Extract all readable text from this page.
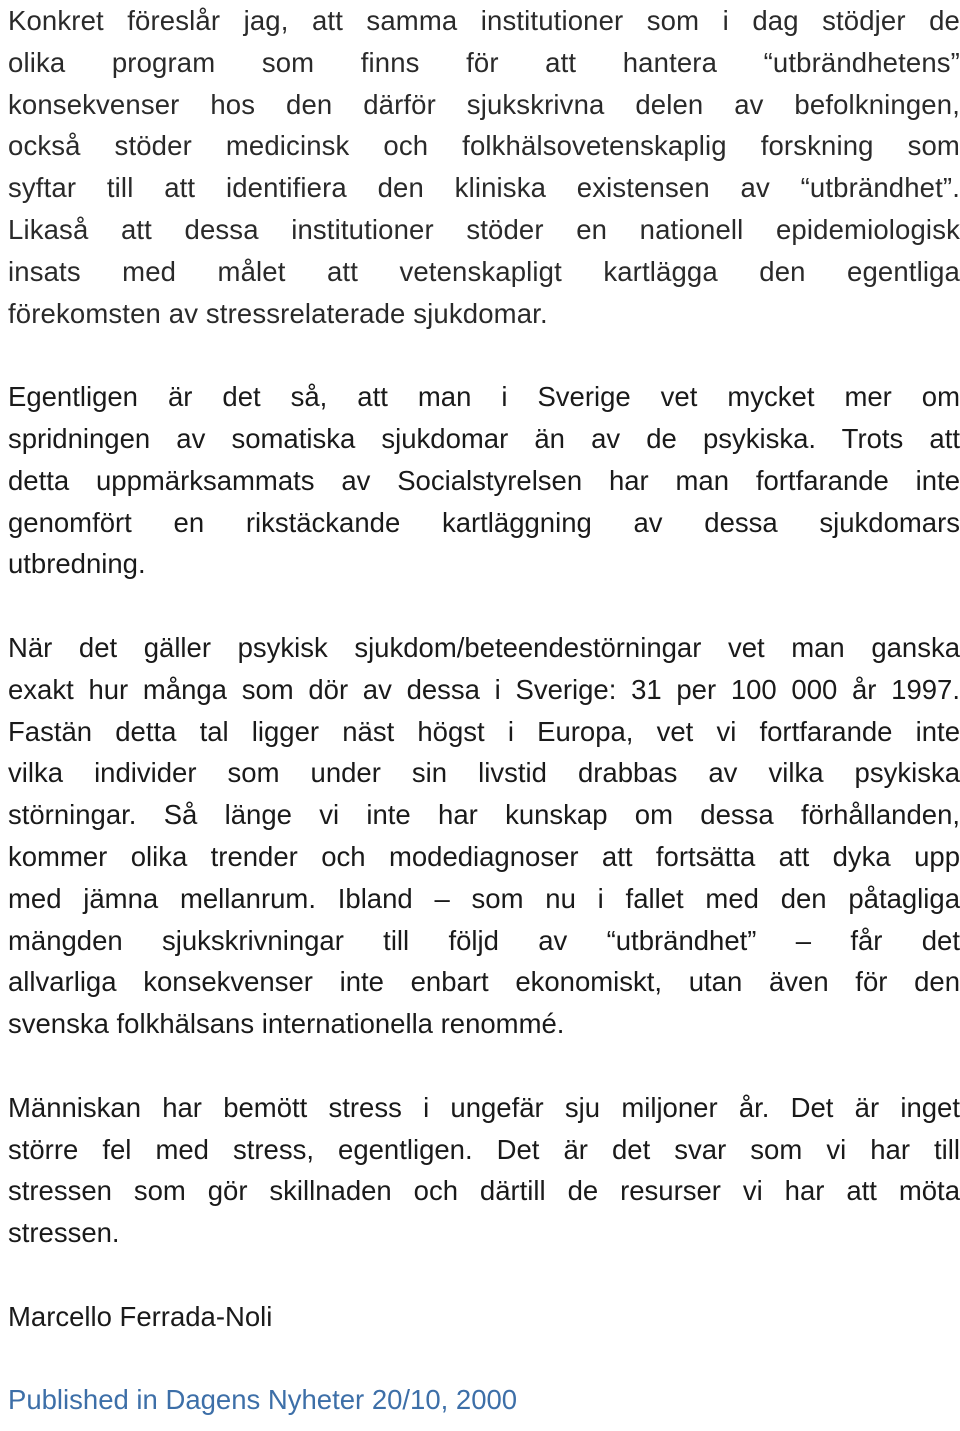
Konkret föreslår jag, att samma institutioner som i dag stödjer de
olika program som finns för att hantera “utbrändhetens”
konsekvenser hos den därför sjukskrivna delen av befolkningen,
också stöder medicinsk och folkhälsovetenskaplig forskning som
syftar till att identifiera den kliniska existensen av “utbrändhet”.
Likaså att dessa institutioner stöder en nationell epidemiologisk
insats med målet att vetenskapligt kartlägga den egentliga
förekomsten av stressrelaterade sjukdomar.
Egentligen är det så, att man i Sverige vet mycket mer om
spridningen av somatiska sjukdomar än av de psykiska. Trots att
detta uppmärksammats av Socialstyrelsen har man fortfarande inte
genomfört en rikstäckande kartläggning av dessa sjukdomars
utbredning.
När det gäller psykisk sjukdom/beteendestörningar vet man ganska
exakt hur många som dör av dessa i Sverige: 31 per 100 000 år 1997.
Fastän detta tal ligger näst högst i Europa, vet vi fortfarande inte
vilka individer som under sin livstid drabbas av vilka psykiska
störningar. Så länge vi inte har kunskap om dessa förhållanden,
kommer olika trender och modediagnoser att fortsätta att dyka upp
med jämna mellanrum. Ibland – som nu i fallet med den påtagliga
mängden sjukskrivningar till följd av “utbrändhet” – får det
allvarliga konsekvenser inte enbart ekonomiskt, utan även för den
svenska folkhälsans internationella renommé.
Människan har bemött stress i ungefär sju miljoner år. Det är inget
större fel med stress, egentligen. Det är det svar som vi har till
stressen som gör skillnaden och därtill de resurser vi har att möta
stressen.

Marcello Ferrada-Noli

Published in Dagens Nyheter 20/10, 2000
